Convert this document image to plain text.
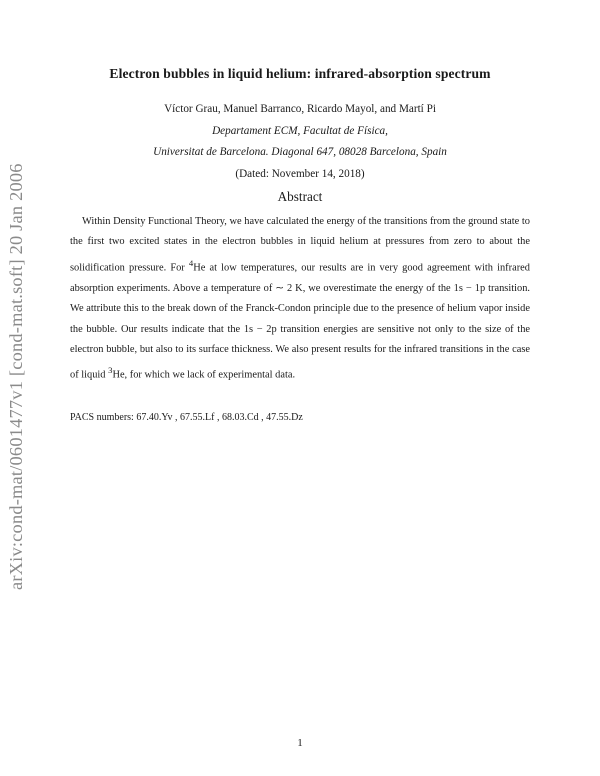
arXiv:cond-mat/0601477v1 [cond-mat.soft] 20 Jan 2006
Electron bubbles in liquid helium: infrared-absorption spectrum
Víctor Grau, Manuel Barranco, Ricardo Mayol, and Martí Pi
Departament ECM, Facultat de Física,
Universitat de Barcelona. Diagonal 647, 08028 Barcelona, Spain
(Dated: November 14, 2018)
Abstract

Within Density Functional Theory, we have calculated the energy of the transitions from the ground state to the first two excited states in the electron bubbles in liquid helium at pressures from zero to about the solidification pressure. For $^4$He at low temperatures, our results are in very good agreement with infrared absorption experiments. Above a temperature of ∼ 2 K, we overestimate the energy of the 1s − 1p transition. We attribute this to the break down of the Franck-Condon principle due to the presence of helium vapor inside the bubble. Our results indicate that the 1s − 2p transition energies are sensitive not only to the size of the electron bubble, but also to its surface thickness. We also present results for the infrared transitions in the case of liquid $^3$He, for which we lack of experimental data.

PACS numbers: 67.40.Yv , 67.55.Lf , 68.03.Cd , 47.55.Dz

1
